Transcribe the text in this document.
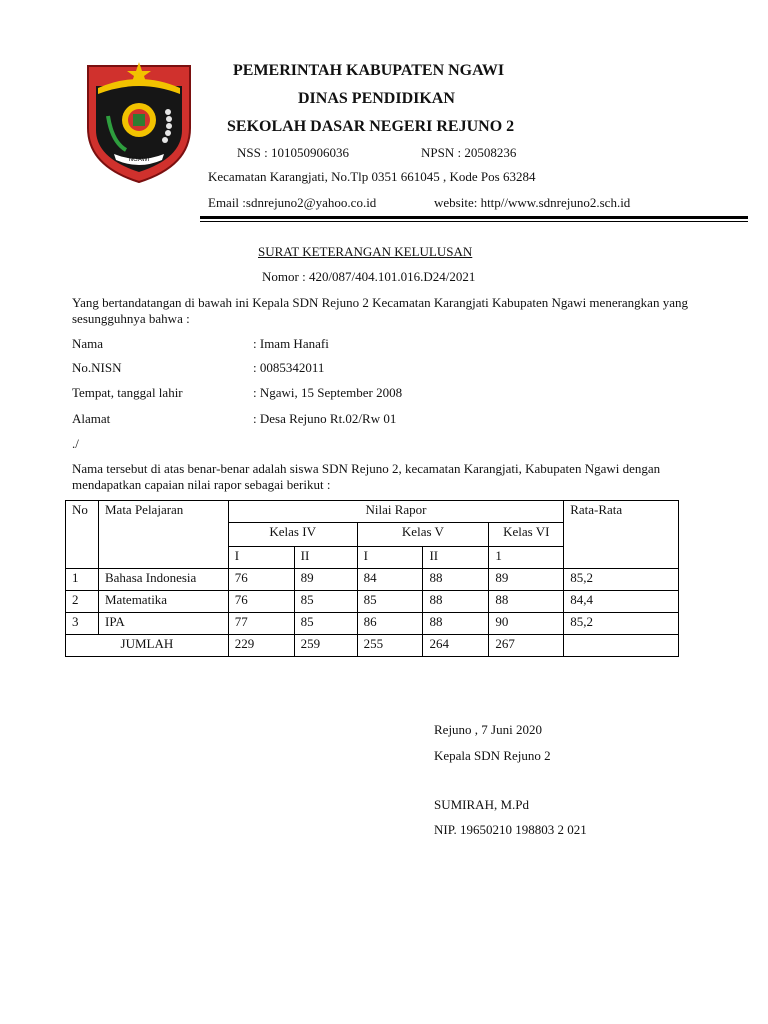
NGAWI
PEMERINTAH KABUPATEN NGAWI
DINAS PENDIDIKAN
SEKOLAH DASAR NEGERI REJUNO 2
NSS : 101050906036	NPSN : 20508236
Kecamatan Karangjati, No.Tlp 0351 661045 , Kode Pos 63284
Email :sdnrejuno2@yahoo.co.id	website: http//www.sdnrejuno2.sch.id
SURAT KETERANGAN KELULUSAN
Nomor : 420/087/404.101.016.D24/2021
Yang bertandatangan di bawah ini Kepala SDN Rejuno 2 Kecamatan Karangjati Kabupaten Ngawi menerangkan yang sesungguhnya bahwa :
Nama	: Imam Hanafi
No.NISN	: 0085342011
Tempat, tanggal lahir	: Ngawi, 15 September 2008
Alamat	: Desa Rejuno Rt.02/Rw 01
./
Nama tersebut di atas benar-benar adalah siswa SDN Rejuno 2, kecamatan Karangjati, Kabupaten Ngawi dengan mendapatkan capaian nilai rapor sebagai berikut :
No	Mata Pelajaran	Nilai Rapor					Rata-Rata
		Kelas IV		Kelas V		Kelas VI	
		I	II	I	II	1	
1	Bahasa Indonesia	76	89	84	88	89	85,2
2	Matematika	76	85	85	88	88	84,4
3	IPA	77	85	86	88	90	85,2
JUMLAH		229	259	255	264	267	
Rejuno , 7 Juni 2020
Kepala SDN Rejuno 2
SUMIRAH, M.Pd
NIP. 19650210 198803 2 021
